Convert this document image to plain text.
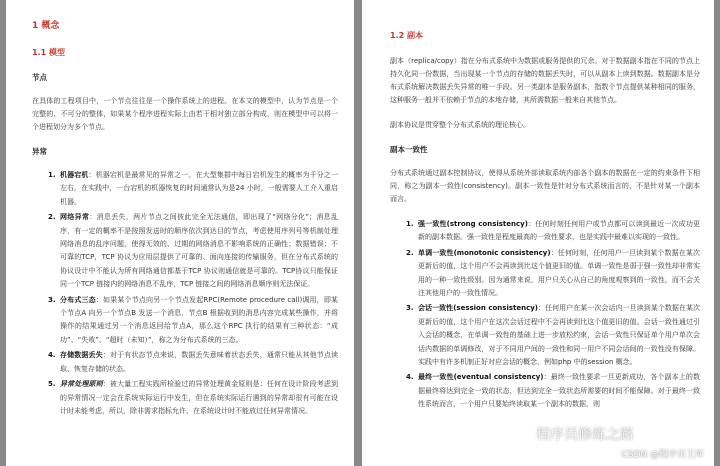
1 概念
1.1 模型
节点
在具体的工程项目中，一个节点往往是一个操作系统上的进程。在本文的模型中，认为节点是一个完整的、不可分的整体，如果某个程序进程实际上由若干相对独立部分构成，则在模型中可以将一个进程划分为多个节点。
异常
1. 机器宕机：机器宕机是最常见的异常之一。在大型集群中每日宕机发生的概率为千分之一左右，在实践中，一台宕机的机器恢复的时间通常认为是24 小时，一般需要人工介入重启机器。
2. 网络异常：消息丢失，两片节点之间彼此完全无法通信，即出现了“网络分化”；消息乱序，有一定的概率不是按照发送时的顺序依次到达目的节点，考虑使用序列号等机制处理网络消息的乱序问题，使得无效的、过期的网络消息不影响系统的正确性；数据错误；不可靠的TCP，TCP 协议为应用层提供了可靠的、面向连接的传输服务，但在分布式系统的协议设计中不能认为所有网络通信都基于TCP 协议则通信就是可靠的。TCP协议只能保证同一个TCP 链接内的网络消息不乱序，TCP 链接之间的网络消息顺序则无法保证。
3. 分布式三态：如果某个节点向另一个节点发起RPC(Remote procedure call)调用，即某个节点A 向另一个节点B 发送一个消息，节点B 根据收到的消息内容完成某些操作，并将操作的结果通过另一个消息返回给节点A，那么这个RPC 执行的结果有三种状态：“成功”、“失败”、“超时（未知）”，称之为分布式系统的三态。
4. 存储数据丢失：对于有状态节点来说，数据丢失意味着状态丢失，通常只能从其他节点读取、恢复存储的状态。
5. 异常处理原则：被大量工程实践所检验过的异常处理黄金原则是：任何在设计阶段考虑到的异常情况一定会在系统实际运行中发生，但在系统实际运行遇到的异常却很有可能在设计时未能考虑，所以，除非需求指标允许，在系统设计时不能放过任何异常情况。
1.2 副本
副本（replica/copy）指在分布式系统中为数据或服务提供的冗余。对于数据副本指在不同的节点上持久化同一份数据，当出现某一个节点的存储的数据丢失时，可以从副本上读到数据。数据副本是分布式系统解决数据丢失异常的唯一手段。另一类副本是服务副本，指数个节点提供某种相同的服务，这种服务一般并不依赖于节点的本地存储，其所需数据一般来自其他节点。
副本协议是贯穿整个分布式系统的理论核心。
副本一致性
分布式系统通过副本控制协议，使得从系统外部读取系统内部各个副本的数据在一定的约束条件下相同，称之为副本一致性(consistency)。副本一致性是针对分布式系统而言的，不是针对某一个副本而言。
1. 强一致性(strong consistency)：任何时刻任何用户或节点都可以读到最近一次成功更新的副本数据。强一致性是程度最高的一致性要求，也是实践中最难以实现的一致性。
2. 单调一致性(monotonic consistency)：任何时刻，任何用户一旦读到某个数据在某次更新后的值，这个用户不会再读到比这个值更旧的值。单调一致性是弱于强一致性却非常实用的一种一致性级别。因为通常来说，用户只关心从自己的角度观察到的一致性，而不会关注其他用户的一致性情况。
3. 会话一致性(session consistency)：任何用户在某一次会话内一旦读到某个数据在某次更新后的值，这个用户在这次会话过程中不会再读到比这个值更旧的值。会话一致性通过引入会话的概念，在单调一致性的基础上进一步放松约束，会话一致性只保证单个用户单次会话内数据的单调修改，对于不同用户间的一致性和同一用户不同会话间的一致性没有保障。实践中有许多机制正好对应会话的概念，例如php 中的session 概念。
4. 最终一致性(eventual consistency)：最终一致性要求一旦更新成功，各个副本上的数据最终将达到完全一致的状态，但达到完全一致状态所需要的时间不能保障。对于最终一致性系统而言，一个用户只要始终读取某一个副本的数据，则
程序员修炼之路
CSDN @程序员王库
